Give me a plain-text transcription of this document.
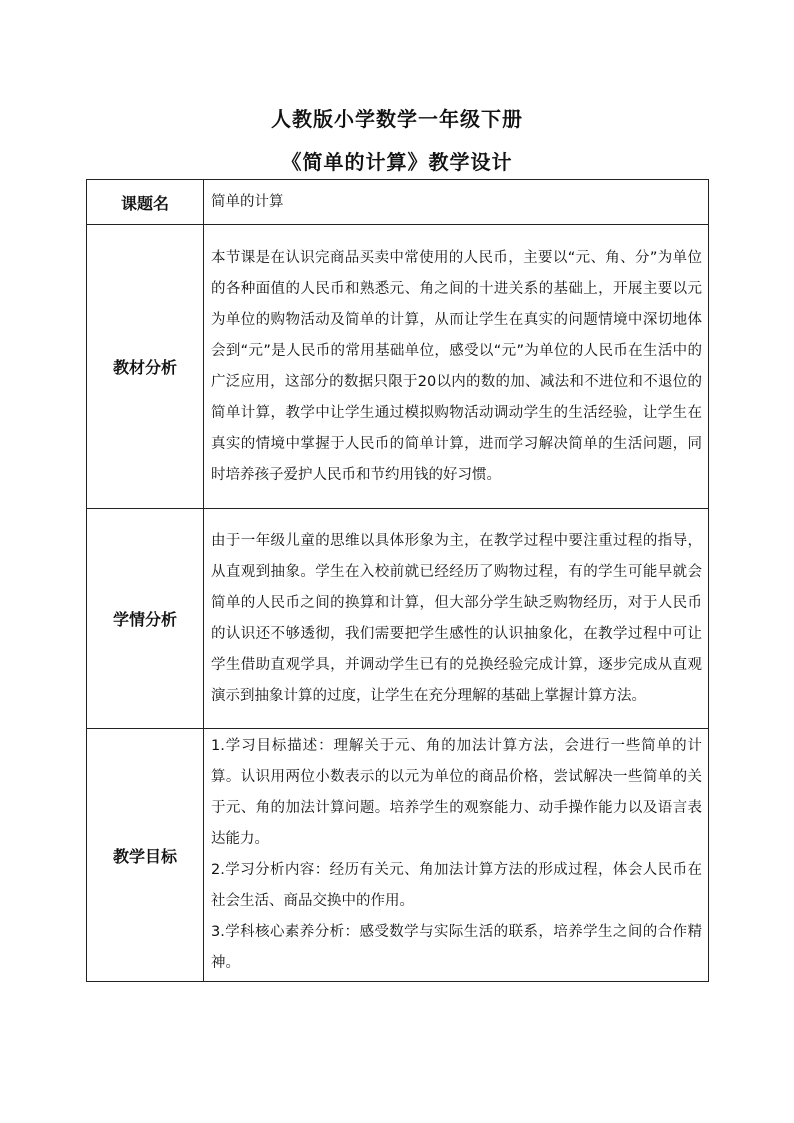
人教版小学数学一年级下册
《简单的计算》教学设计
课题名	简单的计算
教材分析	本节课是在认识完商品买卖中常使用的人民币，主要以“元、角、分”为单位的各种面值的人民币和熟悉元、角之间的十进关系的基础上，开展主要以元为单位的购物活动及简单的计算，从而让学生在真实的问题情境中深切地体会到“元”是人民币的常用基础单位，感受以“元”为单位的人民币在生活中的广泛应用，这部分的数据只限于20以内的数的加、减法和不进位和不退位的简单计算，教学中让学生通过模拟购物活动调动学生的生活经验，让学生在真实的情境中掌握于人民币的简单计算，进而学习解决简单的生活问题，同时培养孩子爱护人民币和节约用钱的好习惯。
学情分析	由于一年级儿童的思维以具体形象为主，在教学过程中要注重过程的指导，从直观到抽象。学生在入校前就已经经历了购物过程，有的学生可能早就会简单的人民币之间的换算和计算，但大部分学生缺乏购物经历，对于人民币的认识还不够透彻，我们需要把学生感性的认识抽象化，在教学过程中可让学生借助直观学具，并调动学生已有的兑换经验完成计算，逐步完成从直观演示到抽象计算的过度，让学生在充分理解的基础上掌握计算方法。
教学目标	1.学习目标描述：理解关于元、角的加法计算方法，会进行一些简单的计算。认识用两位小数表示的以元为单位的商品价格，尝试解决一些简单的关于元、角的加法计算问题。培养学生的观察能力、动手操作能力以及语言表达能力。

2.学习分析内容：经历有关元、角加法计算方法的形成过程，体会人民币在社会生活、商品交换中的作用。

3.学科核心素养分析：感受数学与实际生活的联系，培养学生之间的合作精神。
